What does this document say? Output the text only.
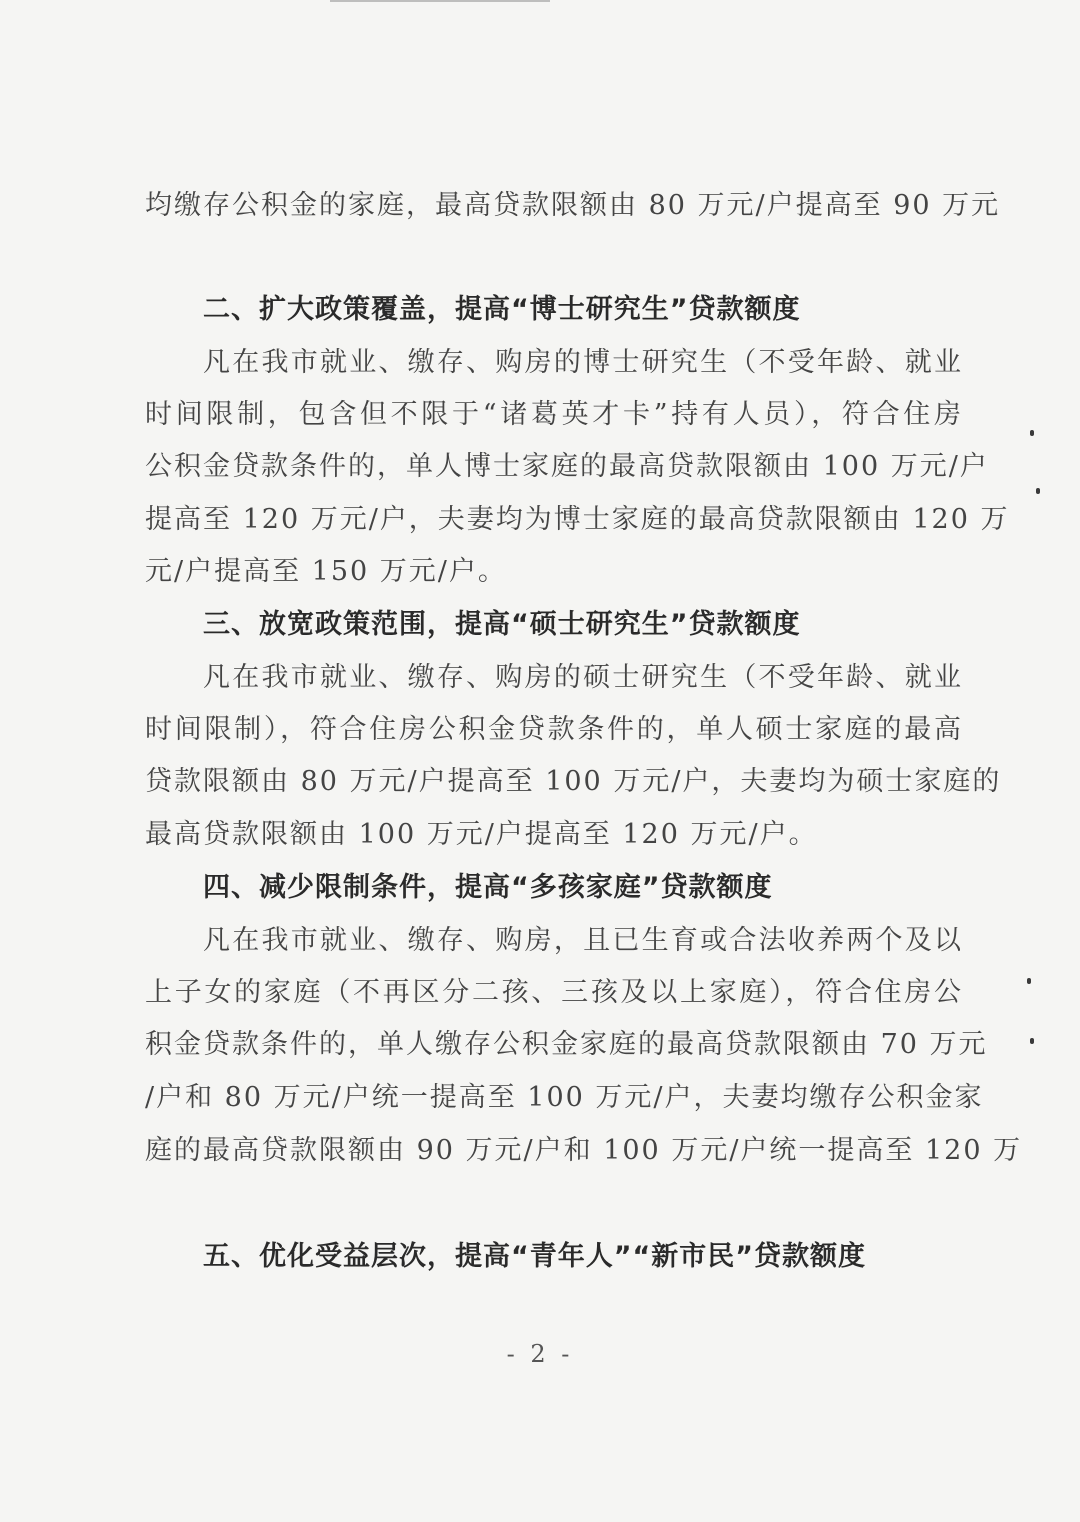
均缴存公积金的家庭，最高贷款限额由 80 万元/户提高至 90 万元
二、扩大政策覆盖，提高“博士研究生”贷款额度
凡在我市就业、缴存、购房的博士研究生（不受年龄、就业
时间限制，包含但不限于“诸葛英才卡”持有人员），符合住房
公积金贷款条件的，单人博士家庭的最高贷款限额由 100 万元/户
提高至 120 万元/户，夫妻均为博士家庭的最高贷款限额由 120 万
元/户提高至 150 万元/户。
三、放宽政策范围，提高“硕士研究生”贷款额度
凡在我市就业、缴存、购房的硕士研究生（不受年龄、就业
时间限制），符合住房公积金贷款条件的，单人硕士家庭的最高
贷款限额由 80 万元/户提高至 100 万元/户，夫妻均为硕士家庭的
最高贷款限额由 100 万元/户提高至 120 万元/户。
四、减少限制条件，提高“多孩家庭”贷款额度
凡在我市就业、缴存、购房，且已生育或合法收养两个及以
上子女的家庭（不再区分二孩、三孩及以上家庭），符合住房公
积金贷款条件的，单人缴存公积金家庭的最高贷款限额由 70 万元
/户和 80 万元/户统一提高至 100 万元/户，夫妻均缴存公积金家
庭的最高贷款限额由 90 万元/户和 100 万元/户统一提高至 120 万
五、优化受益层次，提高“青年人”“新市民”贷款额度
- 2 -
